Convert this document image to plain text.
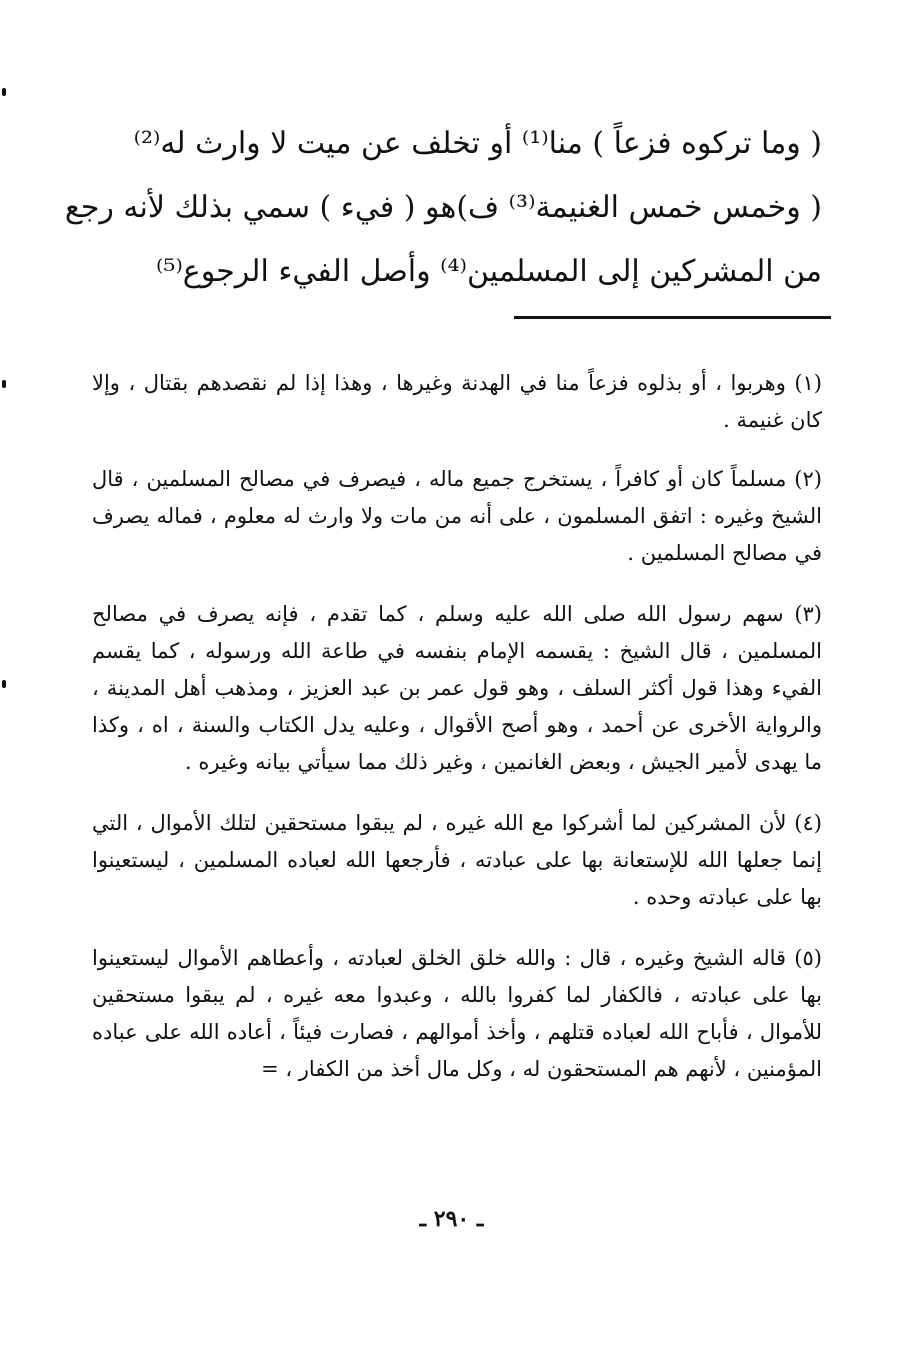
( وما تركوه فزعاً ) منا⁽¹⁾ أو تخلف عن ميت لا وارث له⁽²⁾
( وخمس خمس الغنيمة⁽³⁾ ف)هو ( فيء ) سمي بذلك لأنه رجع
من المشركين إلى المسلمين⁽⁴⁾ وأصل الفيء الرجوع⁽⁵⁾

(١) وهربوا ، أو بذلوه فزعاً منا في الهدنة وغيرها ، وهذا إذا لم نقصدهم بقتال ، وإلا كان غنيمة .

(٢) مسلماً كان أو كافراً ، يستخرج جميع ماله ، فيصرف في مصالح المسلمين ، قال الشيخ وغيره : اتفق المسلمون ، على أنه من مات ولا وارث له معلوم ، فماله يصرف في مصالح المسلمين .

(٣) سهم رسول الله صلى الله عليه وسلم ، كما تقدم ، فإنه يصرف في مصالح المسلمين ، قال الشيخ : يقسمه الإمام بنفسه في طاعة الله ورسوله ، كما يقسم الفيء وهذا قول أكثر السلف ، وهو قول عمر بن عبد العزيز ، ومذهب أهل المدينة ، والرواية الأخرى عن أحمد ، وهو أصح الأقوال ، وعليه يدل الكتاب والسنة ، اه ، وكذا ما يهدى لأمير الجيش ، وبعض الغانمين ، وغير ذلك مما سيأتي بيانه وغيره .

(٤) لأن المشركين لما أشركوا مع الله غيره ، لم يبقوا مستحقين لتلك الأموال ، التي إنما جعلها الله للإستعانة بها على عبادته ، فأرجعها الله لعباده المسلمين ، ليستعينوا بها على عبادته وحده .

(٥) قاله الشيخ وغيره ، قال : والله خلق الخلق لعبادته ، وأعطاهم الأموال ليستعينوا بها على عبادته ، فالكفار لما كفروا بالله ، وعبدوا معه غيره ، لم يبقوا مستحقين للأموال ، فأباح الله لعباده قتلهم ، وأخذ أموالهم ، فصارت فيئاً ، أعاده الله على عباده المؤمنين ، لأنهم هم المستحقون له ، وكل مال أخذ من الكفار ، =

ـ ٢٩٠ ـ
